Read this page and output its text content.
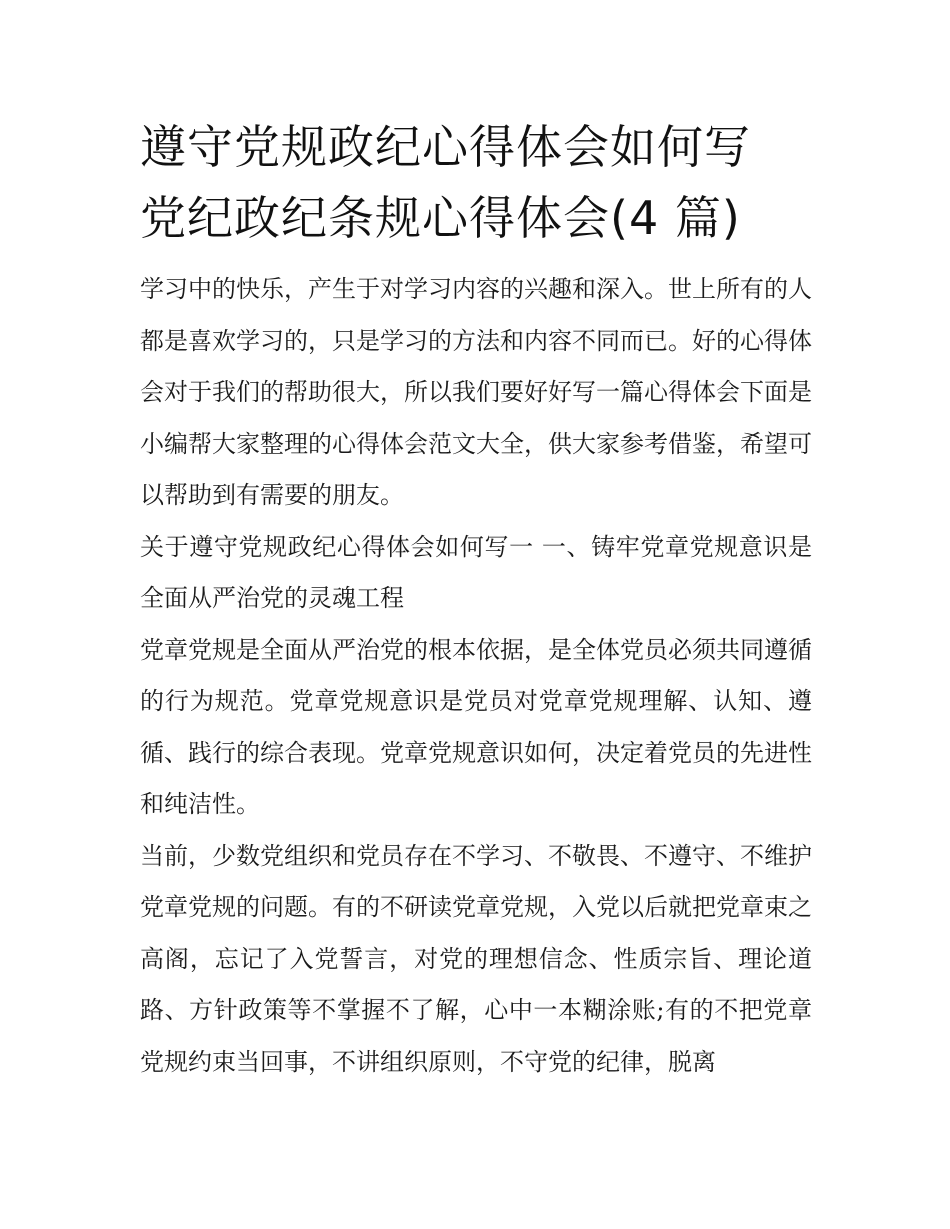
遵守党规政纪心得体会如何写
党纪政纪条规心得体会(4 篇)

学习中的快乐，产生于对学习内容的兴趣和深入。世上所有的人都是喜欢学习的，只是学习的方法和内容不同而已。好的心得体会对于我们的帮助很大，所以我们要好好写一篇心得体会下面是小编帮大家整理的心得体会范文大全，供大家参考借鉴，希望可以帮助到有需要的朋友。

关于遵守党规政纪心得体会如何写一 一、铸牢党章党规意识是全面从严治党的灵魂工程

党章党规是全面从严治党的根本依据，是全体党员必须共同遵循的行为规范。党章党规意识是党员对党章党规理解、认知、遵循、践行的综合表现。党章党规意识如何，决定着党员的先进性和纯洁性。

当前，少数党组织和党员存在不学习、不敬畏、不遵守、不维护党章党规的问题。有的不研读党章党规，入党以后就把党章束之高阁，忘记了入党誓言，对党的理想信念、性质宗旨、理论道路、方针政策等不掌握不了解，心中一本糊涂账;有的不把党章党规约束当回事，不讲组织原则，不守党的纪律，脱离
